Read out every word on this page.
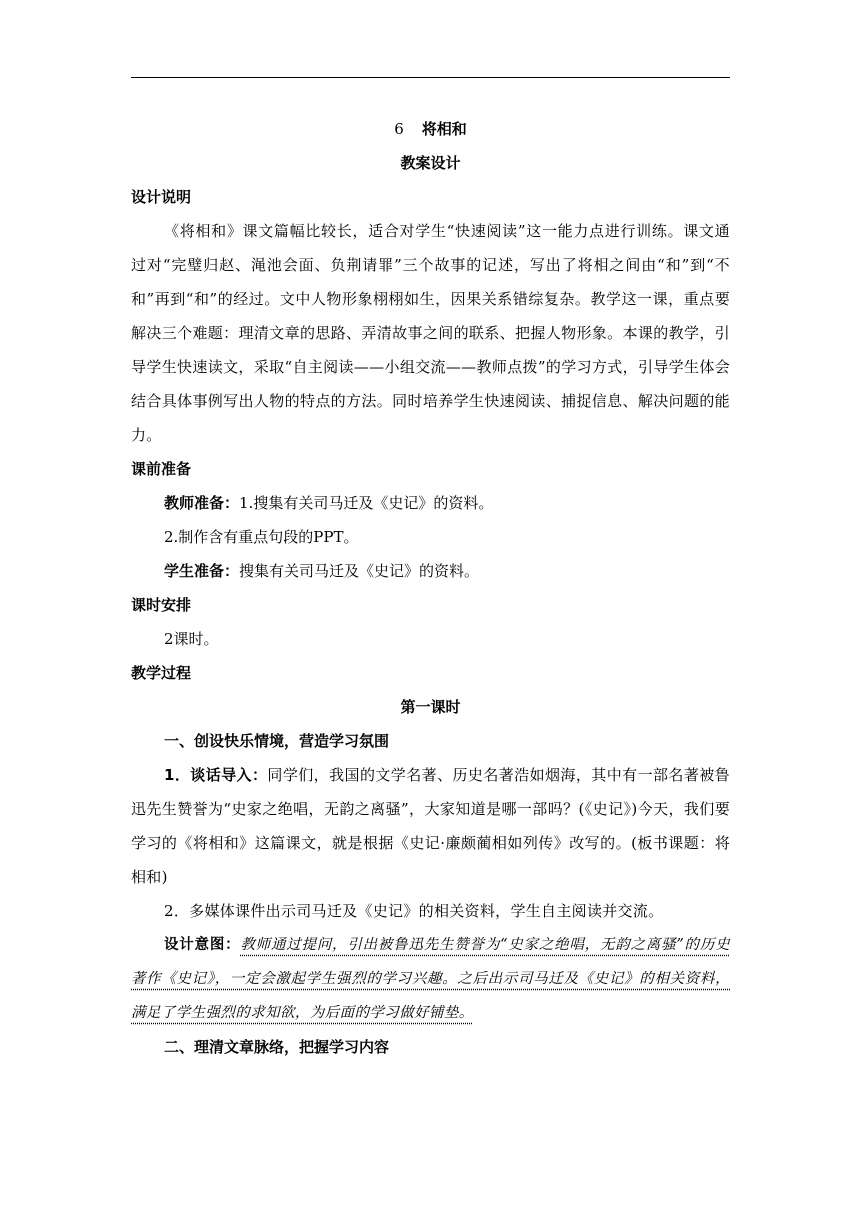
6 将相和
教案设计
设计说明
《将相和》课文篇幅比较长，适合对学生“快速阅读”这一能力点进行训练。课文通过对“完璧归赵、渑池会面、负荆请罪”三个故事的记述，写出了将相之间由“和”到“不和”再到“和”的经过。文中人物形象栩栩如生，因果关系错综复杂。教学这一课，重点要解决三个难题：理清文章的思路、弄清故事之间的联系、把握人物形象。本课的教学，引导学生快速读文，采取“自主阅读——小组交流——教师点拨”的学习方式，引导学生体会结合具体事例写出人物的特点的方法。同时培养学生快速阅读、捕捉信息、解决问题的能力。
课前准备
教师准备：1.搜集有关司马迁及《史记》的资料。
2.制作含有重点句段的PPT。
学生准备：搜集有关司马迁及《史记》的资料。
课时安排
2课时。
教学过程
第一课时
一、创设快乐情境，营造学习氛围
1．谈话导入：同学们，我国的文学名著、历史名著浩如烟海，其中有一部名著被鲁迅先生赞誉为“史家之绝唱，无韵之离骚”，大家知道是哪一部吗？(《史记》)今天，我们要学习的《将相和》这篇课文，就是根据《史记·廉颇蔺相如列传》改写的。(板书课题：将相和)
2．多媒体课件出示司马迁及《史记》的相关资料，学生自主阅读并交流。
设计意图：教师通过提问，引出被鲁迅先生赞誉为“史家之绝唱，无韵之离骚”的历史著作《史记》，一定会激起学生强烈的学习兴趣。之后出示司马迁及《史记》的相关资料，满足了学生强烈的求知欲，为后面的学习做好铺垫。
二、理清文章脉络，把握学习内容
